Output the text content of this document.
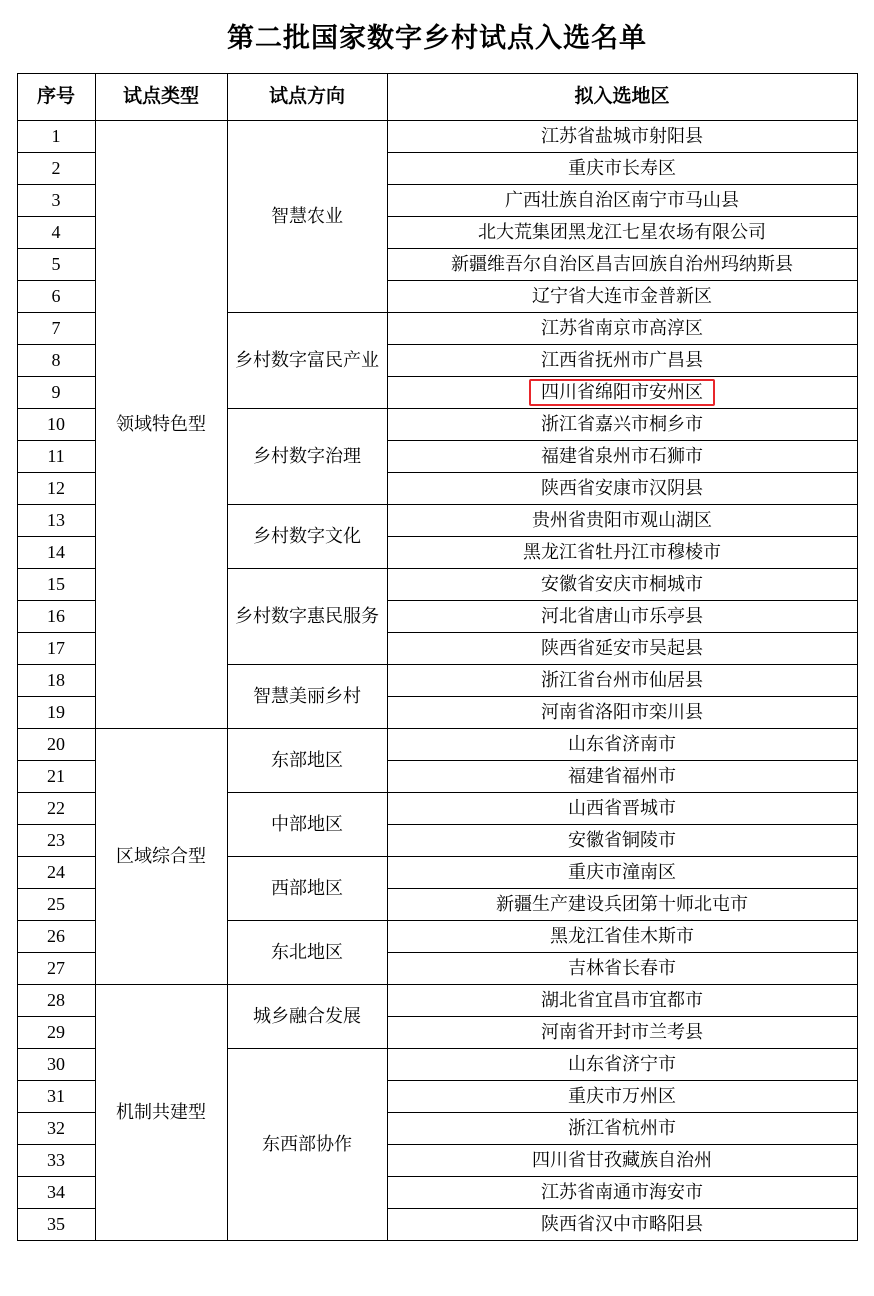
第二批国家数字乡村试点入选名单
序号	试点类型	试点方向	拟入选地区
1	领域特色型	智慧农业	江苏省盐城市射阳县
2			重庆市长寿区
3			广西壮族自治区南宁市马山县
4			北大荒集团黑龙江七星农场有限公司
5			新疆维吾尔自治区昌吉回族自治州玛纳斯县
6			辽宁省大连市金普新区
7		乡村数字富民产业	江苏省南京市高淳区
8			江西省抚州市广昌县
9			四川省绵阳市安州区
10		乡村数字治理	浙江省嘉兴市桐乡市
11			福建省泉州市石狮市
12			陕西省安康市汉阴县
13		乡村数字文化	贵州省贵阳市观山湖区
14			黑龙江省牡丹江市穆棱市
15		乡村数字惠民服务	安徽省安庆市桐城市
16			河北省唐山市乐亭县
17			陕西省延安市吴起县
18		智慧美丽乡村	浙江省台州市仙居县
19			河南省洛阳市栾川县
20	区域综合型	东部地区	山东省济南市
21			福建省福州市
22		中部地区	山西省晋城市
23			安徽省铜陵市
24		西部地区	重庆市潼南区
25			新疆生产建设兵团第十师北屯市
26		东北地区	黑龙江省佳木斯市
27			吉林省长春市
28	机制共建型	城乡融合发展	湖北省宜昌市宜都市
29			河南省开封市兰考县
30		东西部协作	山东省济宁市
31			重庆市万州区
32			浙江省杭州市
33			四川省甘孜藏族自治州
34			江苏省南通市海安市
35			陕西省汉中市略阳县
